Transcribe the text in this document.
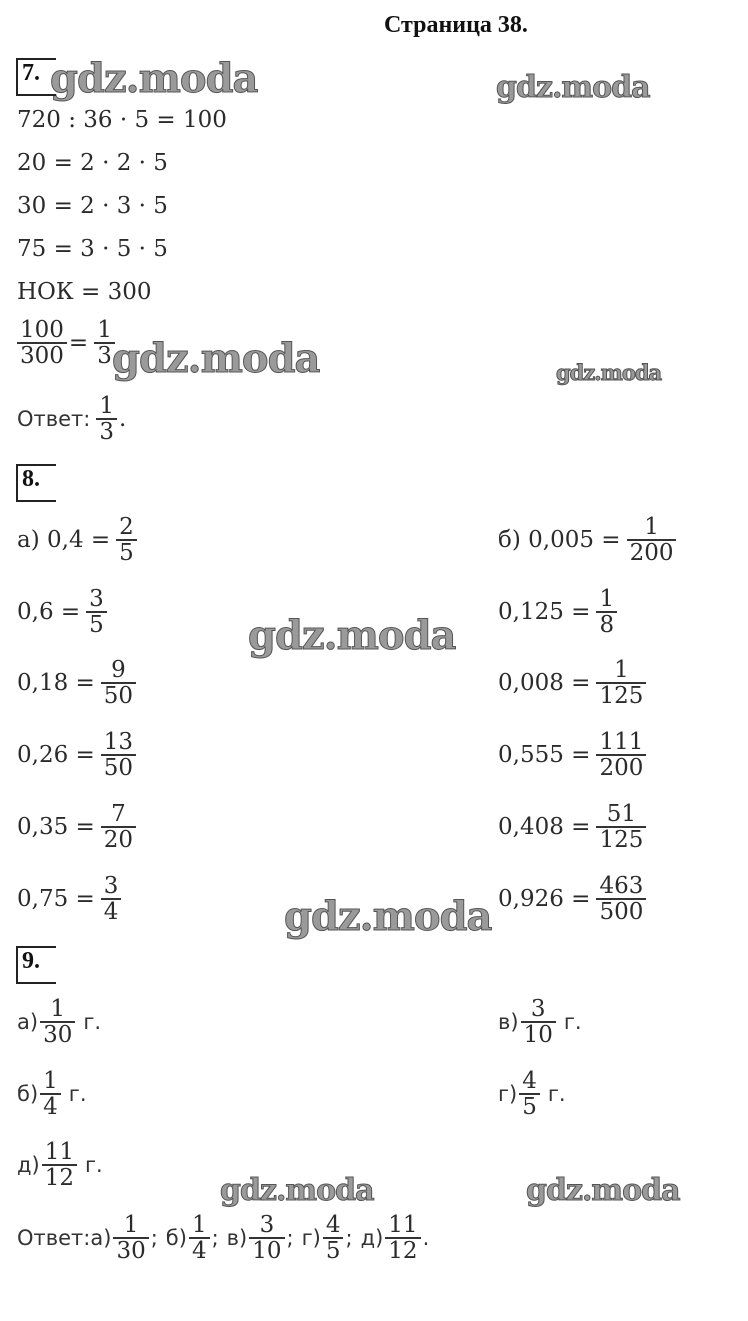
Страница 38.
gdz.moda	gdz.moda
gdz.moda	gdz.moda
gdz.moda
gdz.moda
gdz.moda	gdz.moda
7.
720 : 36 · 5 = 100
20 = 2 · 2 · 5
30 = 2 · 3 · 5
75 = 3 · 5 · 5
НОК = 300
$\frac{100}{300} = \frac{1}{3}$
Ответ: $\frac{1}{3}$ .
8.
а) $0,4 = \frac{2}{5}$
$0,6 = \frac{3}{5}$
$0,18 = \frac{9}{50}$
$0,26 = \frac{13}{50}$
$0,35 = \frac{7}{20}$
$0,75 = \frac{3}{4}$
б) $0,005 = \frac{1}{200}$
$0,125 = \frac{1}{8}$
$0,008 = \frac{1}{125}$
$0,555 = \frac{111}{200}$
$0,408 = \frac{51}{125}$
$0,926 = \frac{463}{500}$
9.
$а) \frac{1}{30} г$.	$в) \frac{3}{10} г$.
$б) \frac{1}{4} г$.	$г) \frac{4}{5} г$.
$д) \frac{11}{12} г$.
Ответ: $а) \frac{1}{30}$ ; $б) \frac{1}{4}$ ; $в) \frac{3}{10}$ ; $г) \frac{4}{5}$ ; $д) \frac{11}{12}$ .
